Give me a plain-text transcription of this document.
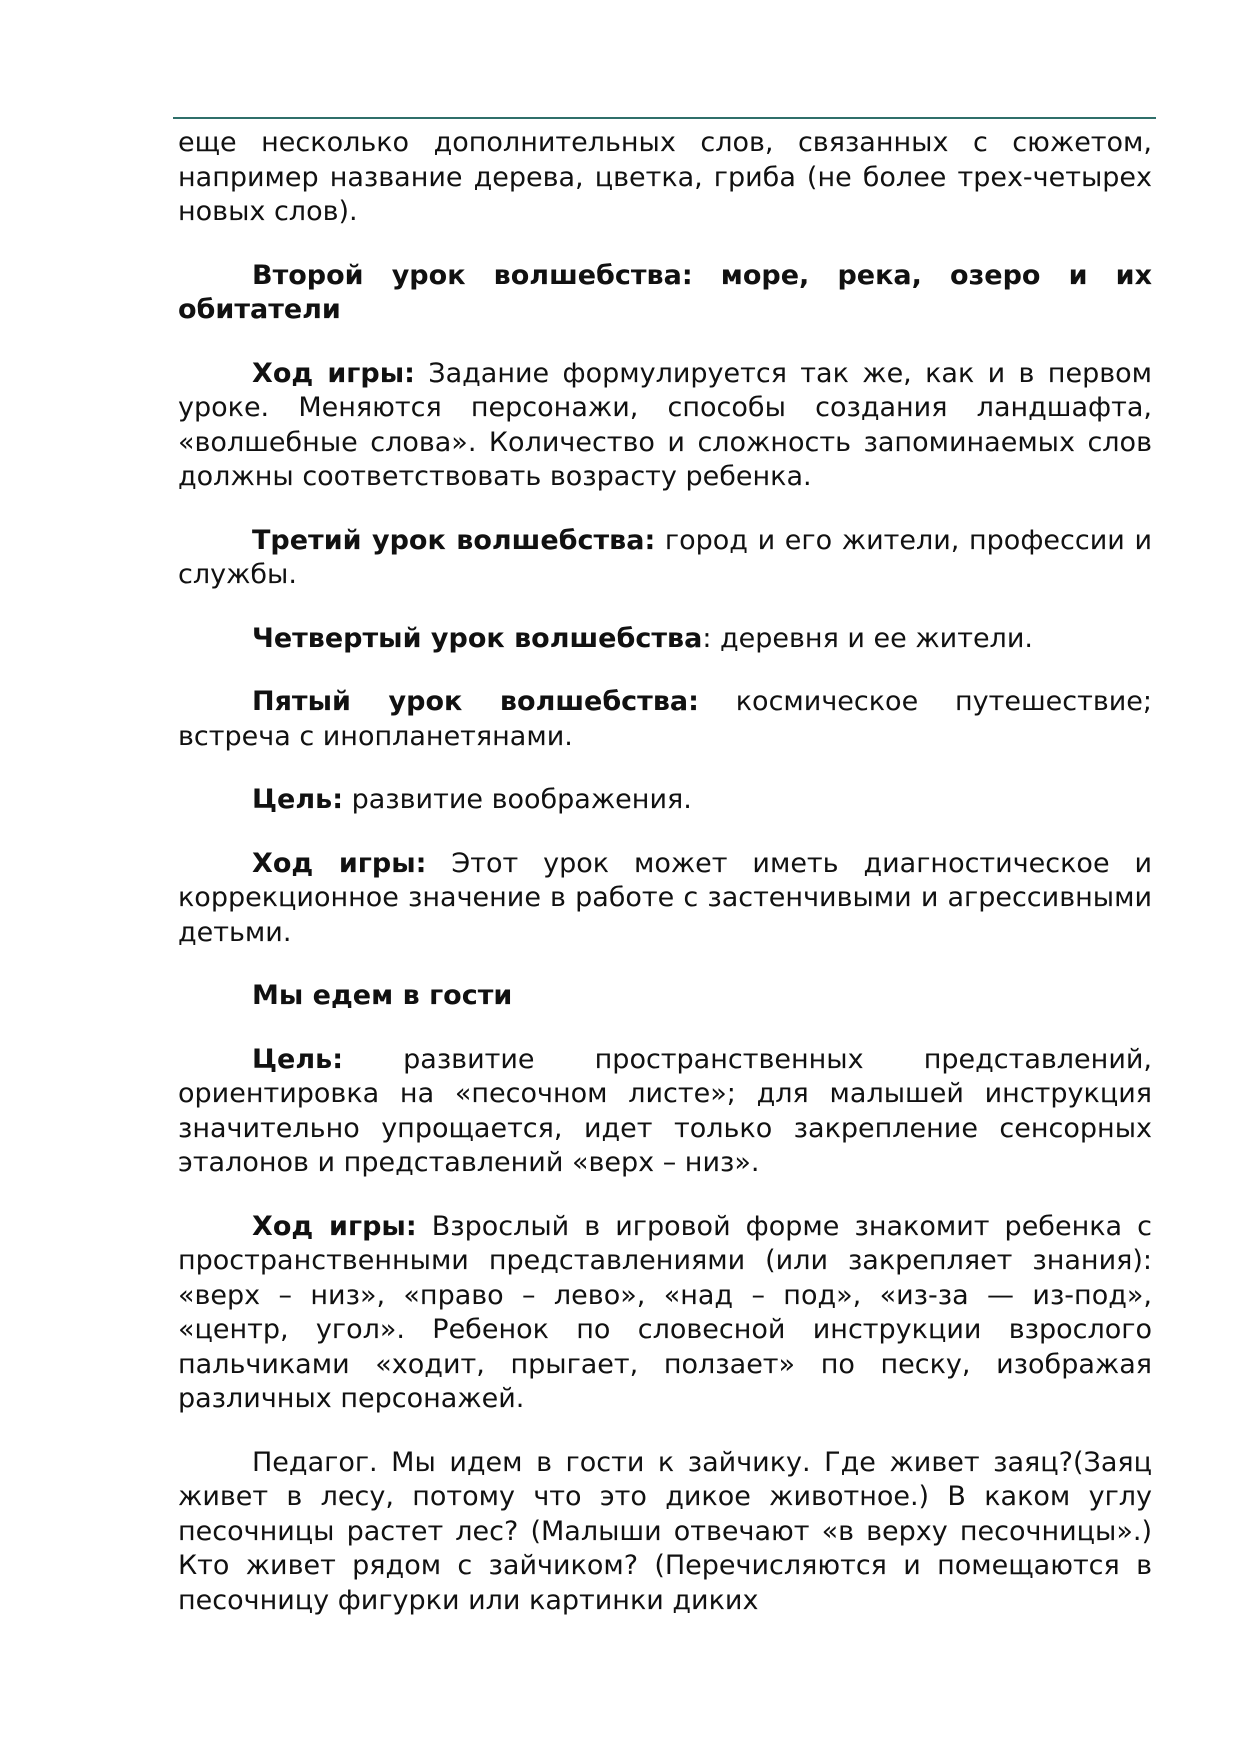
еще несколько дополнительных слов, связанных с сюжетом, например название дерева, цветка, гриба (не более трех-четырех новых слов).

Второй урок волшебства: море, река, озеро и их обитатели

Ход игры: Задание формулируется так же, как и в первом уроке. Меняются персонажи, способы создания ландшафта, «волшебные слова». Количество и сложность запоминаемых слов должны соответствовать возрасту ребенка.

Третий урок волшебства: город и его жители, профессии и службы.

Четвертый урок волшебства: деревня и ее жители.

Пятый урок волшебства: космическое путешествие; встреча с инопланетянами.

Цель: развитие воображения.

Ход игры: Этот урок может иметь диагностическое и коррекционное значение в работе с застенчивыми и агрессивными детьми.

Мы едем в гости

Цель: развитие пространственных представлений, ориентировка на «песочном листе»; для малышей инструкция значительно упрощается, идет только закрепление сенсорных эталонов и представлений «верх – низ».

Ход игры: Взрослый в игровой форме знакомит ребенка с пространственными представлениями (или закрепляет знания): «верх – низ», «право – лево», «над – под», «из-за — из-под», «центр, угол». Ребенок по словесной инструкции взрослого пальчиками «ходит, прыгает, ползает» по песку, изображая различных персонажей.

Педагог. Мы идем в гости к зайчику. Где живет заяц?(Заяц живет в лесу, потому что это дикое животное.) В каком углу песочницы растет лес? (Малыши отвечают «в верху песочницы».) Кто живет рядом с зайчиком? (Перечисляются и помещаются в песочницу фигурки или картинки диких
